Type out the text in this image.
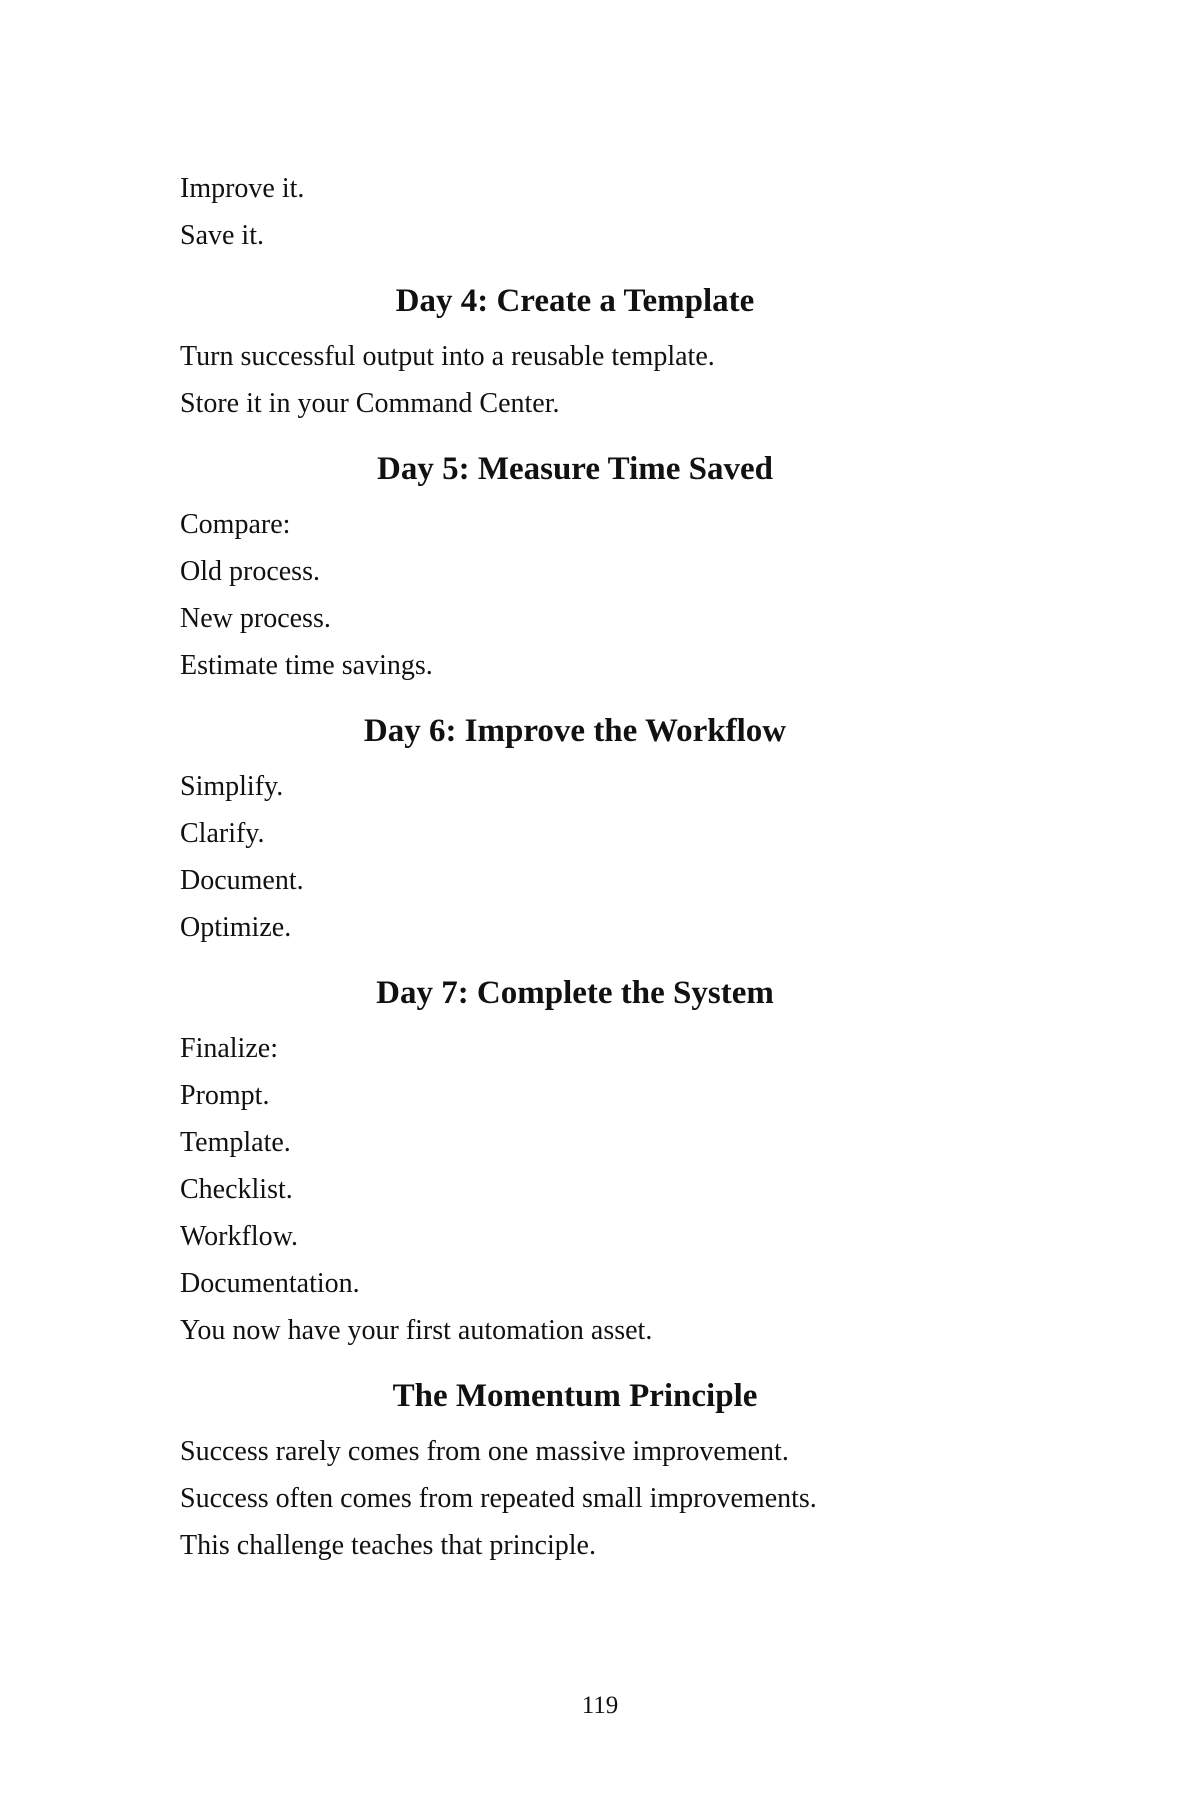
Improve it.

Save it.

Day 4: Create a Template

Turn successful output into a reusable template.

Store it in your Command Center.

Day 5: Measure Time Saved

Compare:

Old process.

New process.

Estimate time savings.

Day 6: Improve the Workflow

Simplify.

Clarify.

Document.

Optimize.

Day 7: Complete the System

Finalize:

Prompt.

Template.

Checklist.

Workflow.

Documentation.

You now have your first automation asset.

The Momentum Principle

Success rarely comes from one massive improvement.

Success often comes from repeated small improvements.

This challenge teaches that principle.

119
